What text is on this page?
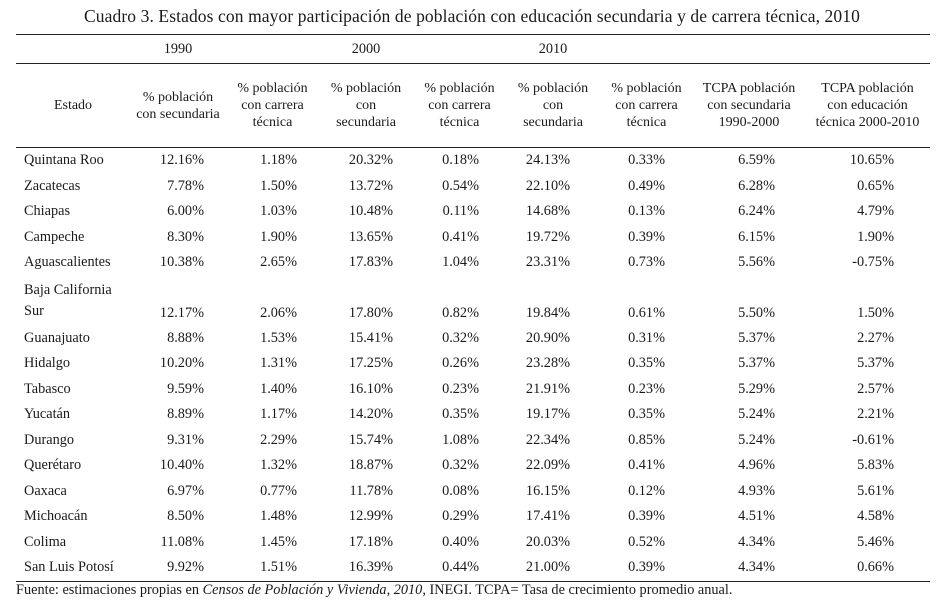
Cuadro 3. Estados con mayor participación de población con educación secundaria y de carrera técnica, 2010
	1990		2000		2010			
Estado	% población con secundaria	% población con carrera técnica	% población con secundaria	% población con carrera técnica	% población con secundaria	% población con carrera técnica	TCPA población con secundaria 1990-2000	TCPA población con educación técnica 2000-2010
Quintana Roo	12.16%	1.18%	20.32%	0.18%	24.13%	0.33%	6.59%	10.65%
Zacatecas	7.78%	1.50%	13.72%	0.54%	22.10%	0.49%	6.28%	0.65%
Chiapas	6.00%	1.03%	10.48%	0.11%	14.68%	0.13%	6.24%	4.79%
Campeche	8.30%	1.90%	13.65%	0.41%	19.72%	0.39%	6.15%	1.90%
Aguascalientes	10.38%	2.65%	17.83%	1.04%	23.31%	0.73%	5.56%	-0.75%
Baja California Sur	12.17%	2.06%	17.80%	0.82%	19.84%	0.61%	5.50%	1.50%
Guanajuato	8.88%	1.53%	15.41%	0.32%	20.90%	0.31%	5.37%	2.27%
Hidalgo	10.20%	1.31%	17.25%	0.26%	23.28%	0.35%	5.37%	5.37%
Tabasco	9.59%	1.40%	16.10%	0.23%	21.91%	0.23%	5.29%	2.57%
Yucatán	8.89%	1.17%	14.20%	0.35%	19.17%	0.35%	5.24%	2.21%
Durango	9.31%	2.29%	15.74%	1.08%	22.34%	0.85%	5.24%	-0.61%
Querétaro	10.40%	1.32%	18.87%	0.32%	22.09%	0.41%	4.96%	5.83%
Oaxaca	6.97%	0.77%	11.78%	0.08%	16.15%	0.12%	4.93%	5.61%
Michoacán	8.50%	1.48%	12.99%	0.29%	17.41%	0.39%	4.51%	4.58%
Colima	11.08%	1.45%	17.18%	0.40%	20.03%	0.52%	4.34%	5.46%
San Luis Potosí	9.92%	1.51%	16.39%	0.44%	21.00%	0.39%	4.34%	0.66%
Fuente: estimaciones propias en Censos de Población y Vivienda, 2010, INEGI. TCPA= Tasa de crecimiento promedio anual.
